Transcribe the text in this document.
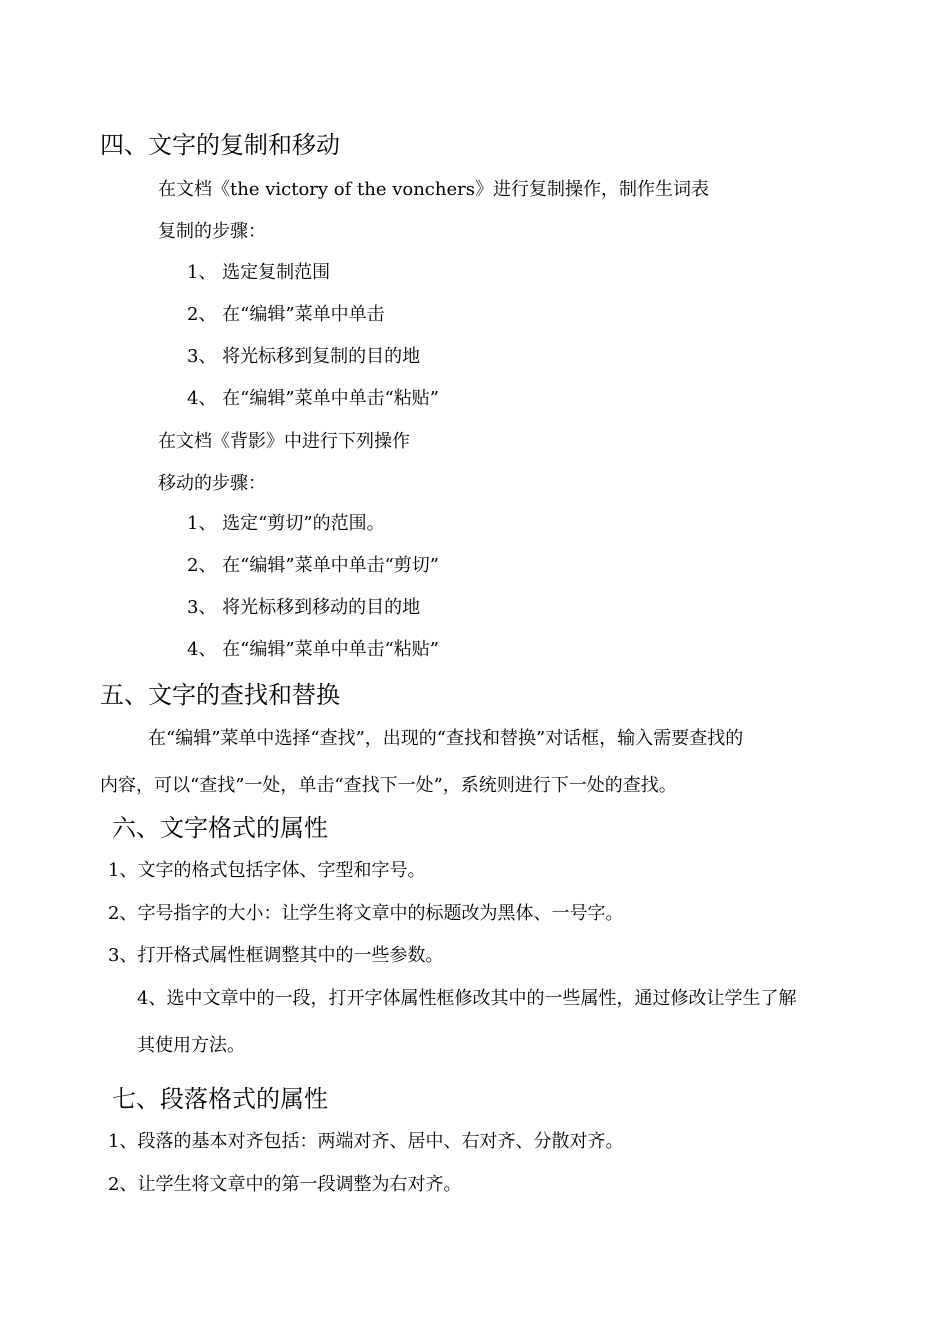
四、文字的复制和移动
在文档《the victory of the vonchers》进行复制操作，制作生词表
复制的步骤：
1、 选定复制范围
2、 在“编辑”菜单中单击
3、 将光标移到复制的目的地
4、 在“编辑”菜单中单击“粘贴”
在文档《背影》中进行下列操作
移动的步骤：
1、 选定“剪切”的范围。
2、 在“编辑”菜单中单击“剪切”
3、 将光标移到移动的目的地
4、 在“编辑”菜单中单击“粘贴”
五、文字的查找和替换
在“编辑”菜单中选择“查找”，出现的“查找和替换”对话框，输入需要查找的
内容，可以“查找”一处，单击“查找下一处”，系统则进行下一处的查找。
六、文字格式的属性
1、文字的格式包括字体、字型和字号。
2、字号指字的大小：让学生将文章中的标题改为黑体、一号字。
3、打开格式属性框调整其中的一些参数。
4、选中文章中的一段，打开字体属性框修改其中的一些属性，通过修改让学生了解
其使用方法。
七、段落格式的属性
1、段落的基本对齐包括：两端对齐、居中、右对齐、分散对齐。
2、让学生将文章中的第一段调整为右对齐。
